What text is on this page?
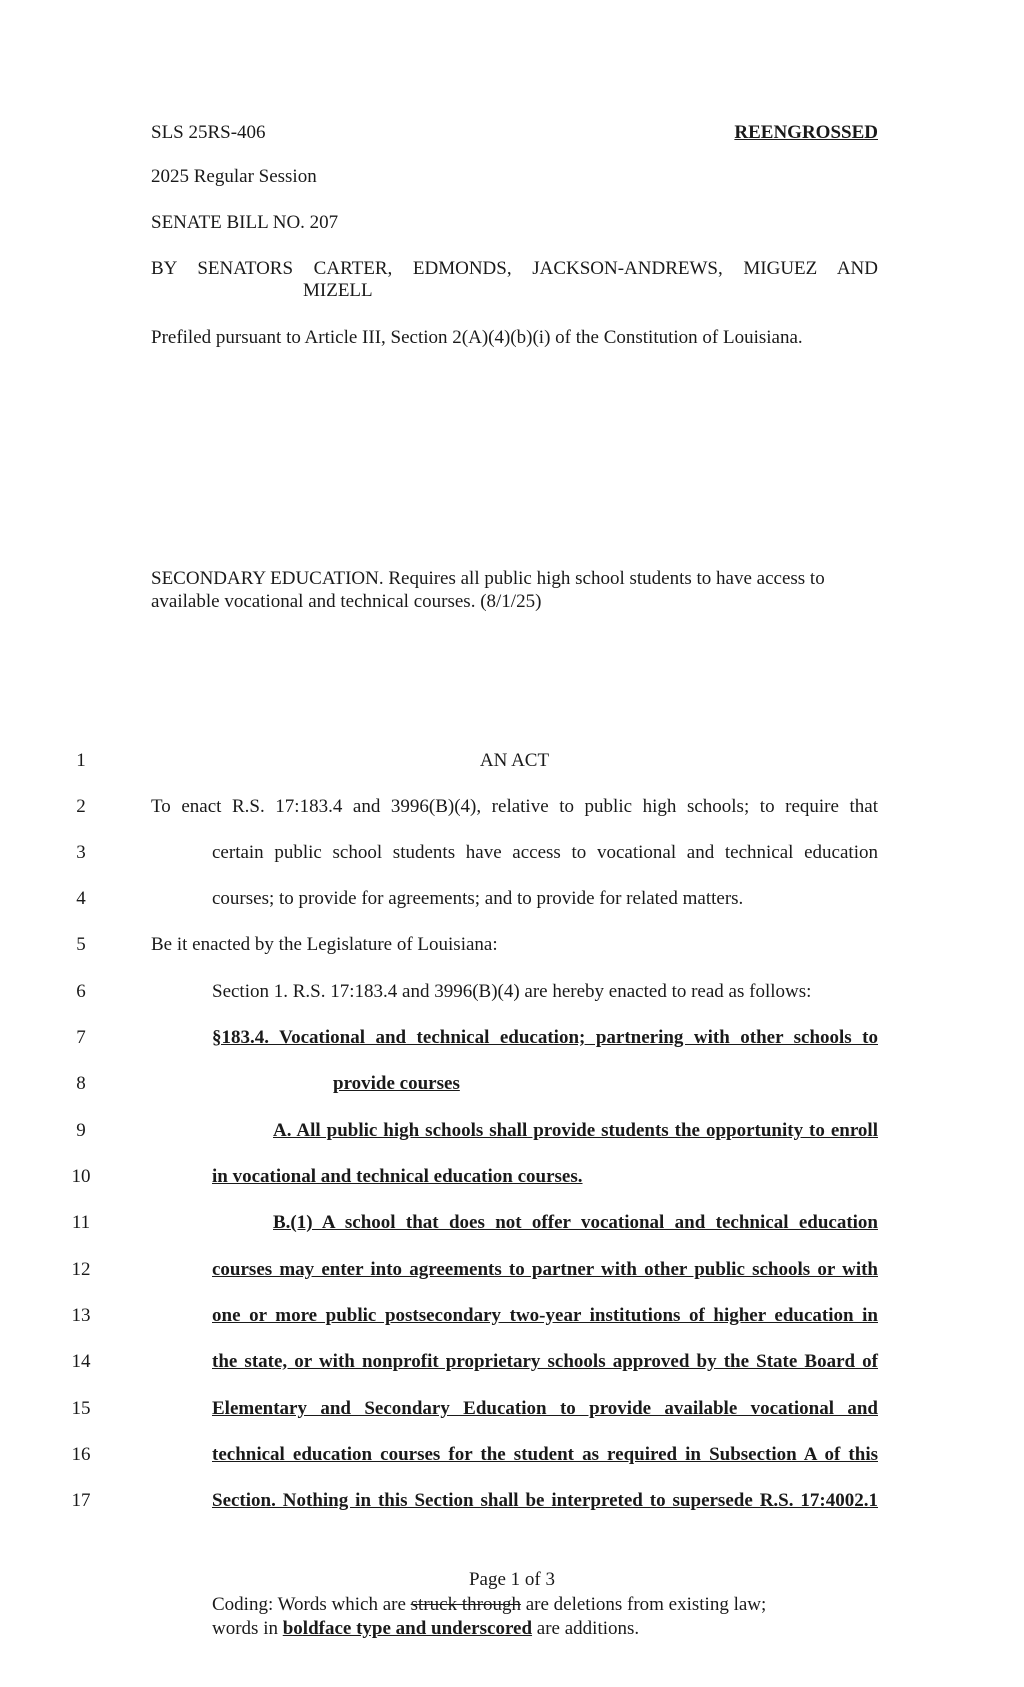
SLS 25RS-406	REENGROSSED
2025 Regular Session
SENATE BILL NO. 207
BY SENATORS CARTER, EDMONDS, JACKSON-ANDREWS, MIGUEZ AND
MIZELL
Prefiled pursuant to Article III, Section 2(A)(4)(b)(i) of the Constitution of Louisiana.
SECONDARY EDUCATION. Requires all public high school students to have access to available vocational and technical courses. (8/1/25)
1	AN ACT
2	To enact R.S. 17:183.4 and 3996(B)(4), relative to public high schools; to require that
3	certain public school students have access to vocational and technical education
4	courses; to provide for agreements; and to provide for related matters.
5	Be it enacted by the Legislature of Louisiana:
6	Section 1. R.S. 17:183.4 and 3996(B)(4) are hereby enacted to read as follows:
7	§183.4. Vocational and technical education; partnering with other schools to
8	provide courses
9	A. All public high schools shall provide students the opportunity to enroll
10	in vocational and technical education courses.
11	B.(1) A school that does not offer vocational and technical education
12	courses may enter into agreements to partner with other public schools or with
13	one or more public postsecondary two-year institutions of higher education in
14	the state, or with nonprofit proprietary schools approved by the State Board of
15	Elementary and Secondary Education to provide available vocational and
16	technical education courses for the student as required in Subsection A of this
17	Section. Nothing in this Section shall be interpreted to supersede R.S. 17:4002.1
Page 1 of 3
Coding: Words which are struck through are deletions from existing law;
words in boldface type and underscored are additions.
